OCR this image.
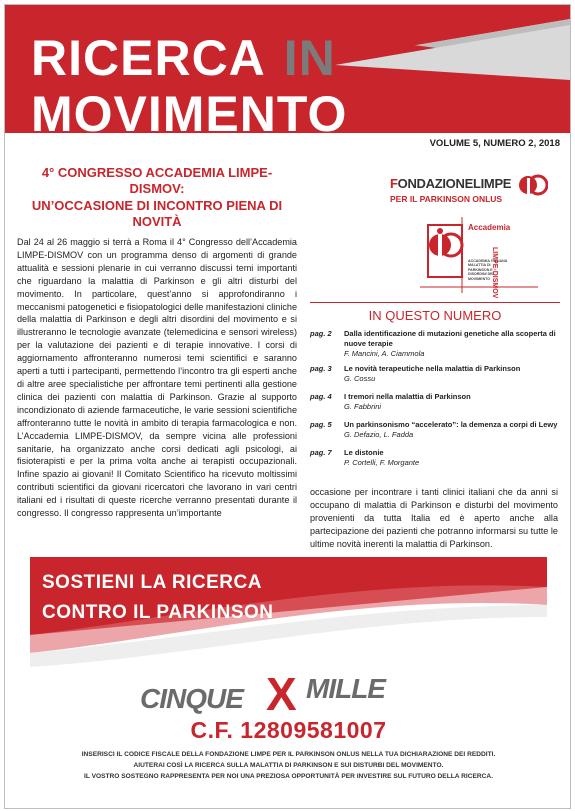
RICERCA IN
MOVIMENTO
VOLUME 5, NUMERO 2, 2018
4° CONGRESSO ACCADEMIA LIMPE-DISMOV:
UN’OCCASIONE DI INCONTRO PIENA DI NOVITÀ

Dal 24 al 26 maggio si terrà a Roma il 4° Congresso dell’Accademia LIMPE-DISMOV con un programma denso di argomenti di grande attualità e sessioni plenarie in cui verranno discussi temi importanti che riguardano la malattia di Parkinson e gli altri disturbi del movimento. In particolare, quest’anno si approfondiranno i meccanismi patogenetici e fisiopatologici delle manifestazioni cliniche della malattia di Parkinson e degli altri disordini del movimento e si illustreranno le tecnologie avanzate (telemedicina e sensori wireless) per la valutazione dei pazienti e di terapie innovative. I corsi di aggiornamento affronteranno numerosi temi scientifici e saranno aperti a tutti i partecipanti, permettendo l’incontro tra gli esperti anche di altre aree specialistiche per affrontare temi pertinenti alla gestione clinica dei pazienti con malattia di Parkinson. Grazie al supporto incondizionato di aziende farmaceutiche, le varie sessioni scientifiche affronteranno tutte le novità in ambito di terapia farmacologica e non. L’Accademia LIMPE-DISMOV, da sempre vicina alle professioni sanitarie, ha organizzato anche corsi dedicati agli psicologi, ai fisioterapisti e per la prima volta anche ai terapisti occupazionali. Infine spazio ai giovani! Il Comitato Scientifico ha ricevuto moltissimi contributi scientifici da giovani ricercatori che lavorano in vari centri italiani ed i risultati di queste ricerche verranno presentati durante il congresso. Il congresso rappresenta un’importante

FONDAZIONELIMPE
PER IL PARKINSON ONLUS
Accademia
LIMPE-DISMOV
ACCADEMIA ITALIANA MALATTIA DI PARKINSON E DISORDINI DEL MOVIMENTO
IN QUESTO NUMERO
pag. 2 Dalla identificazione di mutazioni genetiche alla scoperta di nuove terapie
F. Mancini, A. Ciammola
pag. 3 Le novità terapeutiche nella malattia di Parkinson
G. Cossu
pag. 4 I tremori nella malattia di Parkinson
G. Fabbrini
pag. 5 Un parkinsonismo “accelerato”: la demenza a corpi di Lewy
G. Defazio, L. Fadda
pag. 7 Le distonie
P. Cortelli, F. Morgante

occasione per incontrare i tanti clinici italiani che da anni si occupano di malattia di Parkinson e disturbi del movimento provenienti da tutta Italia ed è aperto anche alla partecipazione dei pazienti che potranno informarsi su tutte le ultime novità inerenti la malattia di Parkinson.

SOSTIENI LA RICERCA
CONTRO IL PARKINSON
CINQUE X MILLE
C.F. 12809581007
INSERISCI IL CODICE FISCALE DELLA FONDAZIONE LIMPE PER IL PARKINSON ONLUS NELLA TUA DICHIARAZIONE DEI REDDITI.
AIUTERAI COSÌ LA RICERCA SULLA MALATTIA DI PARKINSON E SUI DISTURBI DEL MOVIMENTO.
IL VOSTRO SOSTEGNO RAPPRESENTA PER NOI UNA PREZIOSA OPPORTUNITÀ PER INVESTIRE SUL FUTURO DELLA RICERCA.
